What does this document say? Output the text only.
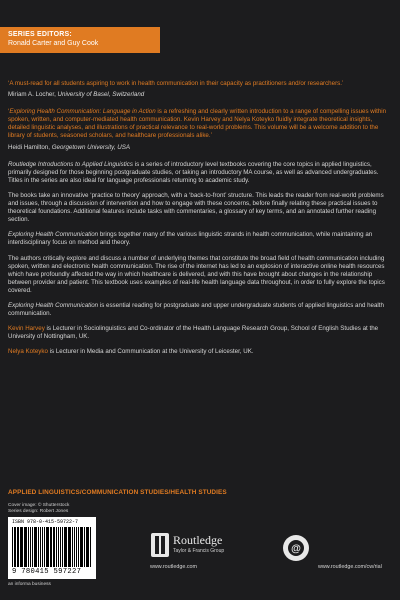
SERIES EDITORS:
Ronald Carter and Guy Cook

‘A must-read for all students aspiring to work in health communication in their capacity as practitioners and/or researchers.’

Miriam A. Locher, University of Basel, Switzerland

‘Exploring Health Communication: Language in Action is a refreshing and clearly written introduction to a range of compelling issues within spoken, written, and computer-mediated health communication. Kevin Harvey and Nelya Koteyko fluidly integrate theoretical insights, detailed linguistic analyses, and illustrations of practical relevance to real-world problems. This volume will be a welcome addition to the library of students, seasoned scholars, and healthcare professionals alike.’

Heidi Hamilton, Georgetown University, USA

Routledge Introductions to Applied Linguistics is a series of introductory level textbooks covering the core topics in applied linguistics, primarily designed for those beginning postgraduate studies, or taking an introductory MA course, as well as advanced undergraduates. Titles in the series are also ideal for language professionals returning to academic study.

The books take an innovative ‘practice to theory’ approach, with a ‘back-to-front’ structure. This leads the reader from real-world problems and issues, through a discussion of intervention and how to engage with these concerns, before finally relating these practical issues to theoretical foundations. Additional features include tasks with commentaries, a glossary of key terms, and an annotated further reading section.

Exploring Health Communication brings together many of the various linguistic strands in health communication, while maintaining an interdisciplinary focus on method and theory.

The authors critically explore and discuss a number of underlying themes that constitute the broad field of health communication including spoken, written and electronic health communication. The rise of the internet has led to an explosion of interactive online health resources which have profoundly affected the way in which healthcare is delivered, and with this have brought about changes in the relationship between provider and patient. This textbook uses examples of real-life health language data throughout, in order to fully explore the topics covered.

Exploring Health Communication is essential reading for postgraduate and upper undergraduate students of applied linguistics and health communication.

Kevin Harvey is Lecturer in Sociolinguistics and Co-ordinator of the Health Language Research Group, School of English Studies at the University of Nottingham, UK.

Nelya Koteyko is Lecturer in Media and Communication at the University of Leicester, UK.

APPLIED LINGUISTICS/COMMUNICATION STUDIES/HEALTH STUDIES
Cover image: © Shutterstock
Series design: Robert Jones
ISBN 978-0-415-59722-7
9 780415 597227
an informa business
Routledge
Taylor & Francis Group
www.routledge.com
@
www.routledge.com/cw/rial
